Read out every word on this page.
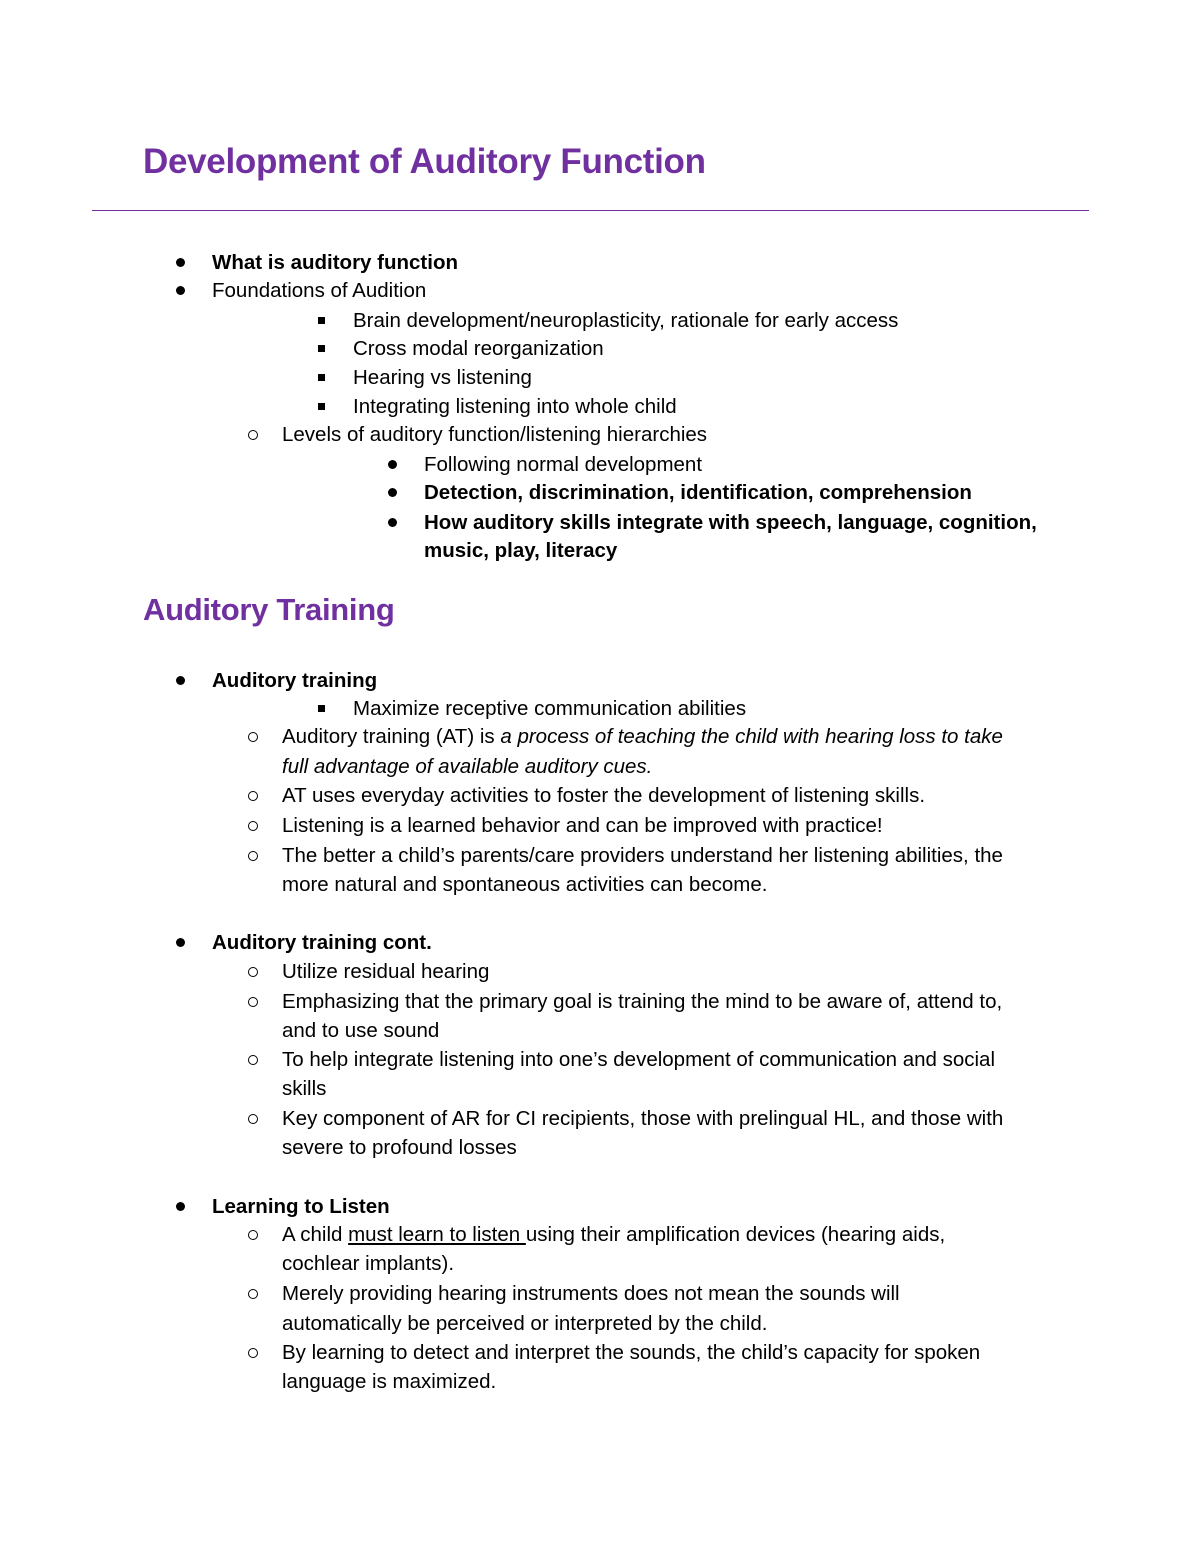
Development of Auditory Function
What is auditory function
Foundations of Audition
Brain development/neuroplasticity, rationale for early access
Cross modal reorganization
Hearing vs listening
Integrating listening into whole child
Levels of auditory function/listening hierarchies
Following normal development
Detection, discrimination, identification, comprehension
How auditory skills integrate with speech, language, cognition,
music, play, literacy
Auditory Training
Auditory training
Maximize receptive communication abilities
Auditory training (AT) is a process of teaching the child with hearing loss to take
full advantage of available auditory cues.
AT uses everyday activities to foster the development of listening skills.
Listening is a learned behavior and can be improved with practice!
The better a child’s parents/care providers understand her listening abilities, the
more natural and spontaneous activities can become.
Auditory training cont.
Utilize residual hearing
Emphasizing that the primary goal is training the mind to be aware of, attend to,
and to use sound
To help integrate listening into one’s development of communication and social
skills
Key component of AR for CI recipients, those with prelingual HL, and those with
severe to profound losses
Learning to Listen
A child must learn to listen using their amplification devices (hearing aids,
cochlear implants).
Merely providing hearing instruments does not mean the sounds will
automatically be perceived or interpreted by the child.
By learning to detect and interpret the sounds, the child’s capacity for spoken
language is maximized.
